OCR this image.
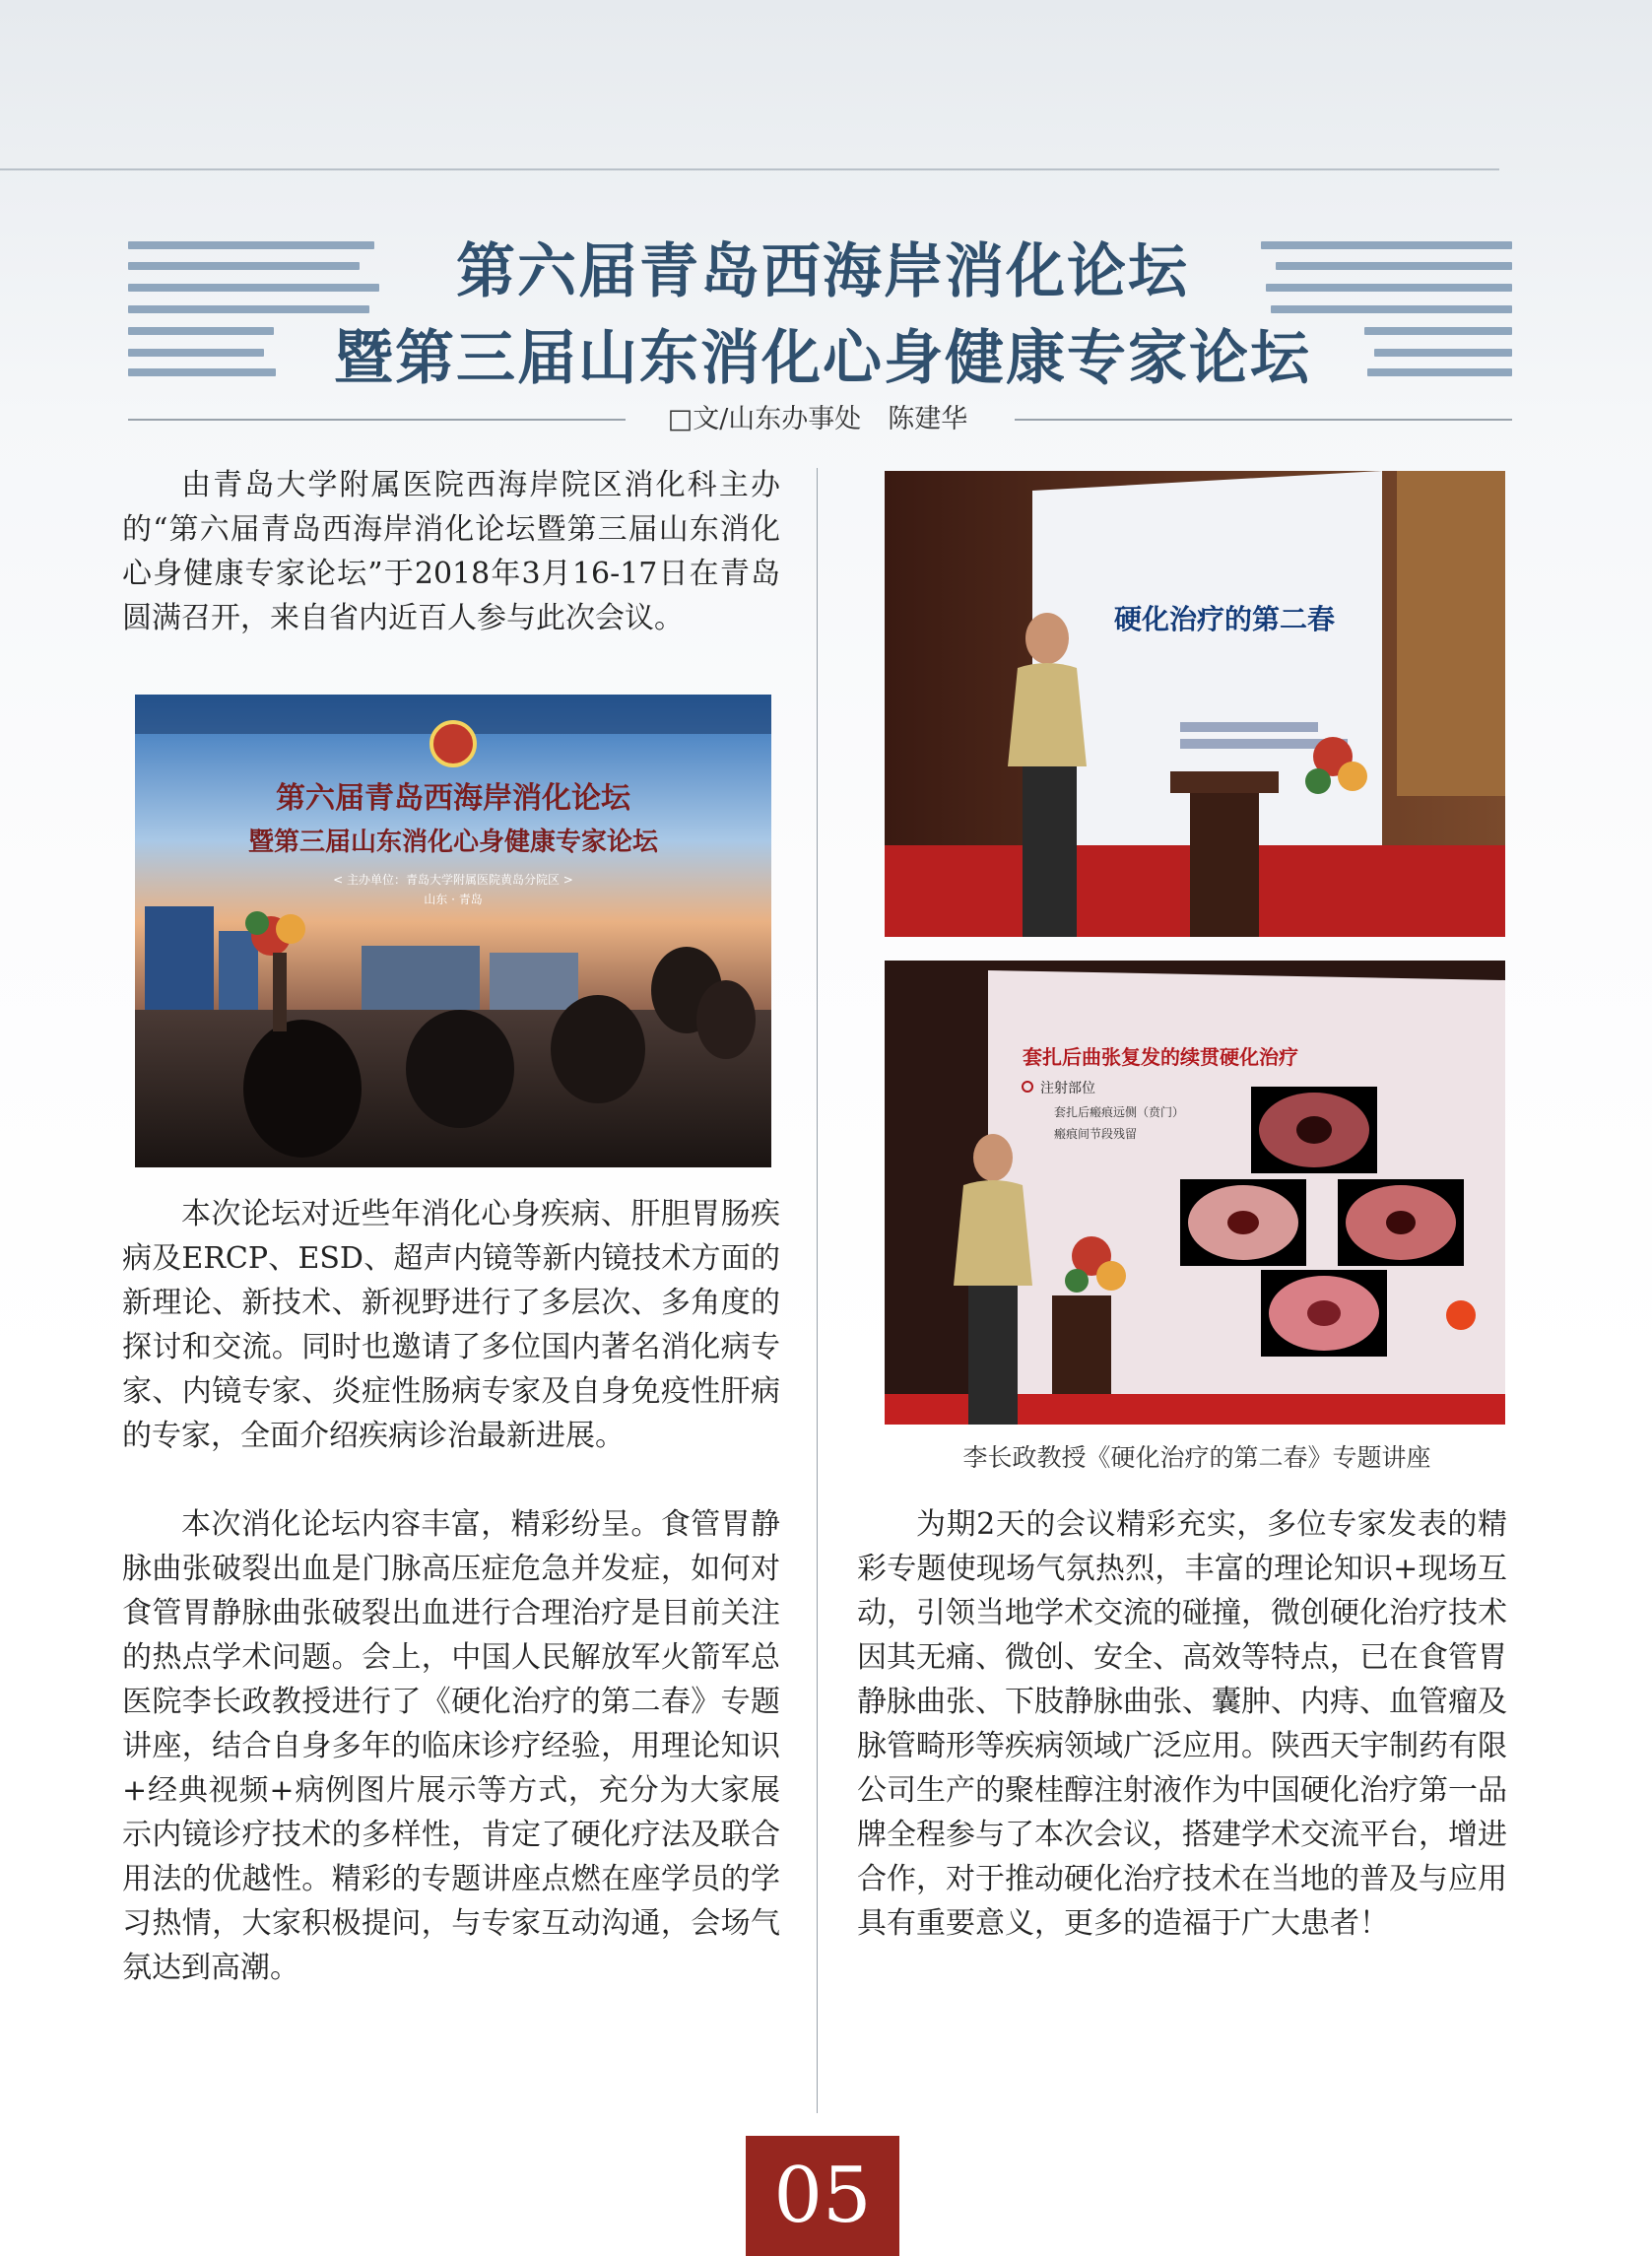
第六届青岛西海岸消化论坛
暨第三届山东消化心身健康专家论坛
□文/山东办事处　陈建华

由青岛大学附属医院西海岸院区消化科主办的“第六届青岛西海岸消化论坛暨第三届山东消化心身健康专家论坛”于2018年3月16-17日在青岛圆满召开，来自省内近百人参与此次会议。

第六届青岛西海岸消化论坛
暨第三届山东消化心身健康专家论坛
< 主办单位：青岛大学附属医院黄岛分院区 >
山东 · 青岛

本次论坛对近些年消化心身疾病、肝胆胃肠疾病及ERCP、ESD、超声内镜等新内镜技术方面的新理论、新技术、新视野进行了多层次、多角度的探讨和交流。同时也邀请了多位国内著名消化病专家、内镜专家、炎症性肠病专家及自身免疫性肝病的专家，全面介绍疾病诊治最新进展。

本次消化论坛内容丰富，精彩纷呈。食管胃静脉曲张破裂出血是门脉高压症危急并发症，如何对食管胃静脉曲张破裂出血进行合理治疗是目前关注的热点学术问题。会上，中国人民解放军火箭军总医院李长政教授进行了《硬化治疗的第二春》专题讲座，结合自身多年的临床诊疗经验，用理论知识+经典视频+病例图片展示等方式，充分为大家展示内镜诊疗技术的多样性，肯定了硬化疗法及联合用法的优越性。精彩的专题讲座点燃在座学员的学习热情，大家积极提问，与专家互动沟通，会场气氛达到高潮。

硬化治疗的第二春
套扎后曲张复发的续贯硬化治疗
注射部位
套扎后瘢痕远侧（贲门）
瘢痕间节段残留
李长政教授《硬化治疗的第二春》专题讲座

为期2天的会议精彩充实，多位专家发表的精彩专题使现场气氛热烈，丰富的理论知识+现场互动，引领当地学术交流的碰撞，微创硬化治疗技术因其无痛、微创、安全、高效等特点，已在食管胃静脉曲张、下肢静脉曲张、囊肿、内痔、血管瘤及脉管畸形等疾病领域广泛应用。陕西天宇制药有限公司生产的聚桂醇注射液作为中国硬化治疗第一品牌全程参与了本次会议，搭建学术交流平台，增进合作，对于推动硬化治疗技术在当地的普及与应用具有重要意义，更多的造福于广大患者！

05
